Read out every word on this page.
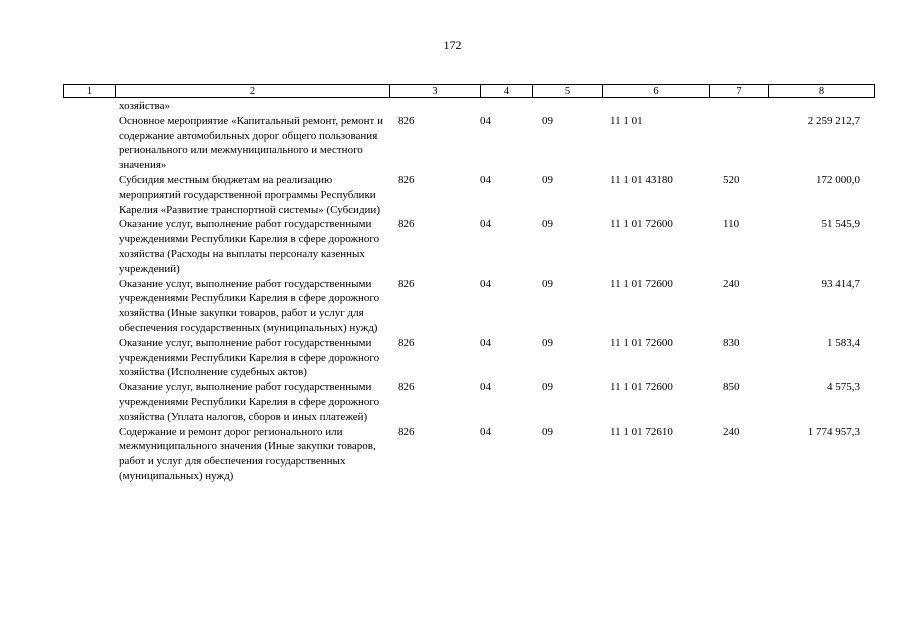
172
1	2	3	4	5	6	7	8
хозяйства»						
Основное мероприятие «Капитальный ремонт, ремонт и содержание автомобильных дорог общего пользования регионального или межмуниципального и местного значения»	826	04	09	11 1 01		2 259 212,7
Субсидия местным бюджетам на реализацию мероприятий государственной программы Республики Карелия «Развитие транспортной системы» (Субсидии)	826	04	09	11 1 01 43180	520	172 000,0
Оказание услуг, выполнение работ государственными учреждениями Республики Карелия в сфере дорожного хозяйства (Расходы на выплаты персоналу казенных учреждений)	826	04	09	11 1 01 72600	110	51 545,9
Оказание услуг, выполнение работ государственными учреждениями Республики Карелия в сфере дорожного хозяйства (Иные закупки товаров, работ и услуг для обеспечения государственных (муниципальных) нужд)	826	04	09	11 1 01 72600	240	93 414,7
Оказание услуг, выполнение работ государственными учреждениями Республики Карелия в сфере дорожного хозяйства (Исполнение судебных актов)	826	04	09	11 1 01 72600	830	1 583,4
Оказание услуг, выполнение работ государственными учреждениями Республики Карелия в сфере дорожного хозяйства (Уплата налогов, сборов и иных платежей)	826	04	09	11 1 01 72600	850	4 575,3
Содержание и ремонт дорог регионального или межмуниципального значения (Иные закупки товаров, работ и услуг для обеспечения государственных (муниципальных) нужд)	826	04	09	11 1 01 72610	240	1 774 957,3
